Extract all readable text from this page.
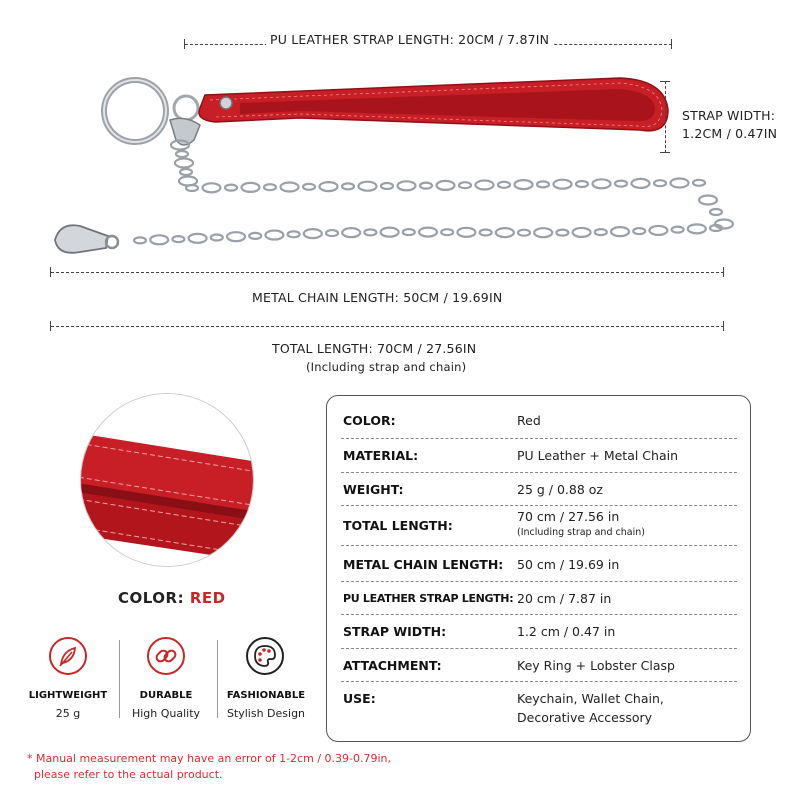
PU LEATHER STRAP LENGTH: 20CM / 7.87IN
STRAP WIDTH:
1.2CM / 0.47IN
METAL CHAIN LENGTH: 50CM / 19.69IN
TOTAL LENGTH: 70CM / 27.56IN
(Including strap and chain)
COLOR: RED
LIGHTWEIGHT
25 g
DURABLE
High Quality
FASHIONABLE
Stylish Design
COLOR:	Red
MATERIAL:	PU Leather + Metal Chain
WEIGHT:	25 g / 0.88 oz
TOTAL LENGTH:
70 cm / 27.56 in
(Including strap and chain)
METAL CHAIN LENGTH: 50 cm / 19.69 in
PU LEATHER STRAP LENGTH: 20 cm / 7.87 in
STRAP WIDTH:	1.2 cm / 0.47 in
ATTACHMENT:	Key Ring + Lobster Clasp
USE:	Keychain, Wallet Chain,
Decorative Accessory
* Manual measurement may have an error of 1-2cm / 0.39-0.79in,
please refer to the actual product.
